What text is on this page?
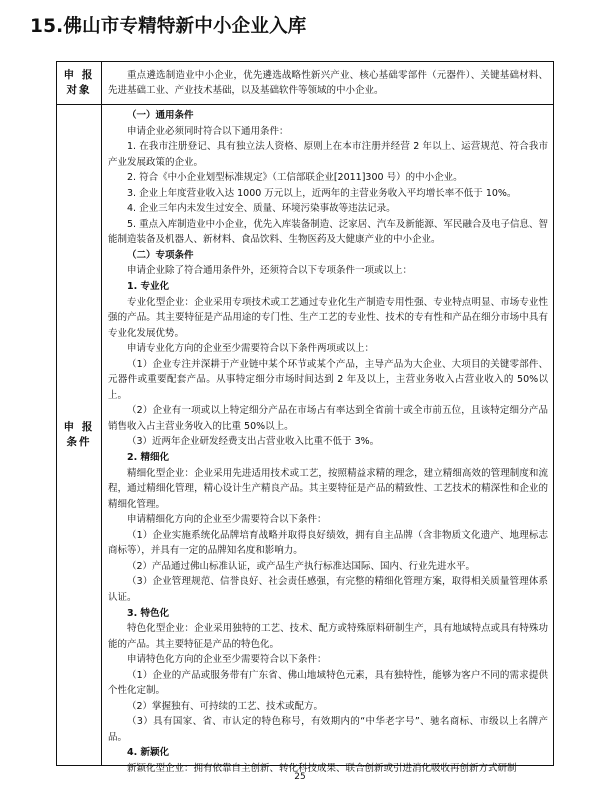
15.佛山市专精特新中小企业入库
申 报
对象

重点遴选制造业中小企业，优先遴选战略性新兴产业、核心基础零部件（元器件）、关键基础材料、先进基础工业、产业技术基础，以及基础软件等领域的中小企业。

申 报
条件

（一）通用条件

申请企业必须同时符合以下通用条件：

1. 在我市注册登记、具有独立法人资格、原则上在本市注册并经营 2 年以上、运营规范、符合我市产业发展政策的企业。

2. 符合《中小企业划型标准规定》（工信部联企业[2011]300 号）的中小企业。

3. 企业上年度营业收入达 1000 万元以上，近两年的主营业务收入平均增长率不低于 10%。

4. 企业三年内未发生过安全、质量、环境污染事故等违法记录。

5. 重点入库制造业中小企业，优先入库装备制造、泛家居、汽车及新能源、军民融合及电子信息、智能制造装备及机器人、新材料、食品饮料、生物医药及大健康产业的中小企业。

（二）专项条件

申请企业除了符合通用条件外，还须符合以下专项条件一项或以上：

1. 专业化

专业化型企业：企业采用专项技术或工艺通过专业化生产制造专用性强、专业特点明显、市场专业性强的产品。其主要特征是产品用途的专门性、生产工艺的专业性、技术的专有性和产品在细分市场中具有专业化发展优势。

申请专业化方向的企业至少需要符合以下条件两项或以上：

（1）企业专注并深耕于产业链中某个环节或某个产品，主导产品为大企业、大项目的关键零部件、元器件或重要配套产品。从事特定细分市场时间达到 2 年及以上，主营业务收入占营业收入的 50%以上。

（2）企业有一项或以上特定细分产品在市场占有率达到全省前十或全市前五位，且该特定细分产品销售收入占主营业务收入的比重 50%以上。

（3）近两年企业研发经费支出占营业收入比重不低于 3%。

2. 精细化

精细化型企业：企业采用先进适用技术或工艺，按照精益求精的理念，建立精细高效的管理制度和流程，通过精细化管理，精心设计生产精良产品。其主要特征是产品的精致性、工艺技术的精深性和企业的精细化管理。

申请精细化方向的企业至少需要符合以下条件：

（1）企业实施系统化品牌培育战略并取得良好绩效，拥有自主品牌（含非物质文化遗产、地理标志商标等），并具有一定的品牌知名度和影响力。

（2）产品通过佛山标准认证，或产品生产执行标准达国际、国内、行业先进水平。

（3）企业管理规范、信誉良好、社会责任感强，有完整的精细化管理方案，取得相关质量管理体系认证。

3. 特色化

特色化型企业：企业采用独特的工艺、技术、配方或特殊原料研制生产，具有地域特点或具有特殊功能的产品。其主要特征是产品的特色化。

申请特色化方向的企业至少需要符合以下条件：

（1）企业的产品或服务带有广东省、佛山地域特色元素，具有独特性，能够为客户不同的需求提供个性化定制。

（2）掌握独有、可持续的工艺、技术或配方。

（3）具有国家、省、市认定的特色称号，有效期内的“中华老字号”、驰名商标、市级以上名牌产品。

4. 新颖化

新颖化型企业：拥有依靠自主创新、转化科技成果、联合创新或引进消化吸收再创新方式研制

25
